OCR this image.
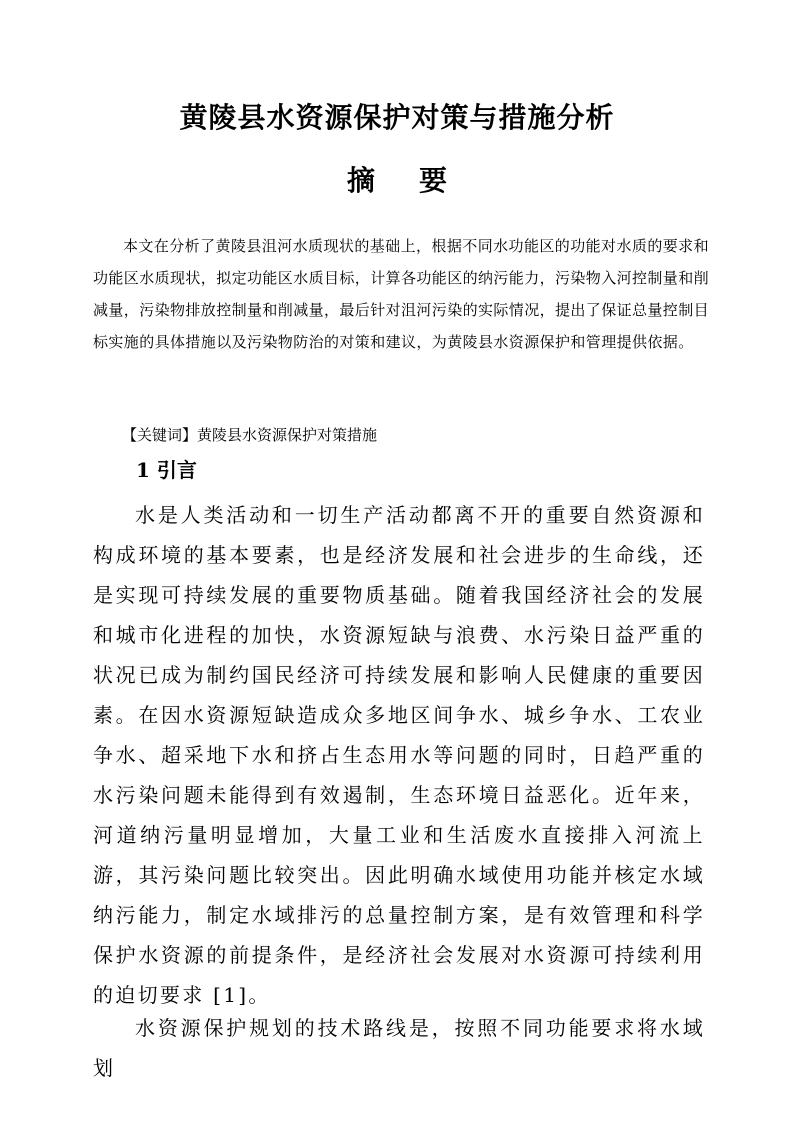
黄陵县水资源保护对策与措施分析
摘要

本文在分析了黄陵县沮河水质现状的基础上，根据不同水功能区的功能对水质的要求和功能区水质现状，拟定功能区水质目标，计算各功能区的纳污能力，污染物入河控制量和削减量，污染物排放控制量和削减量，最后针对沮河污染的实际情况，提出了保证总量控制目标实施的具体措施以及污染物防治的对策和建议，为黄陵县水资源保护和管理提供依据。

【关键词】黄陵县水资源保护对策措施
1 引言

水是人类活动和一切生产活动都离不开的重要自然资源和构成环境的基本要素，也是经济发展和社会进步的生命线，还是实现可持续发展的重要物质基础。随着我国经济社会的发展和城市化进程的加快，水资源短缺与浪费、水污染日益严重的状况已成为制约国民经济可持续发展和影响人民健康的重要因素。在因水资源短缺造成众多地区间争水、城乡争水、工农业争水、超采地下水和挤占生态用水等问题的同时，日趋严重的水污染问题未能得到有效遏制，生态环境日益恶化。近年来，河道纳污量明显增加，大量工业和生活废水直接排入河流上游，其污染问题比较突出。因此明确水域使用功能并核定水域纳污能力，制定水域排污的总量控制方案，是有效管理和科学保护水资源的前提条件，是经济社会发展对水资源可持续利用的迫切要求 [1]。

水资源保护规划的技术路线是，按照不同功能要求将水域划
